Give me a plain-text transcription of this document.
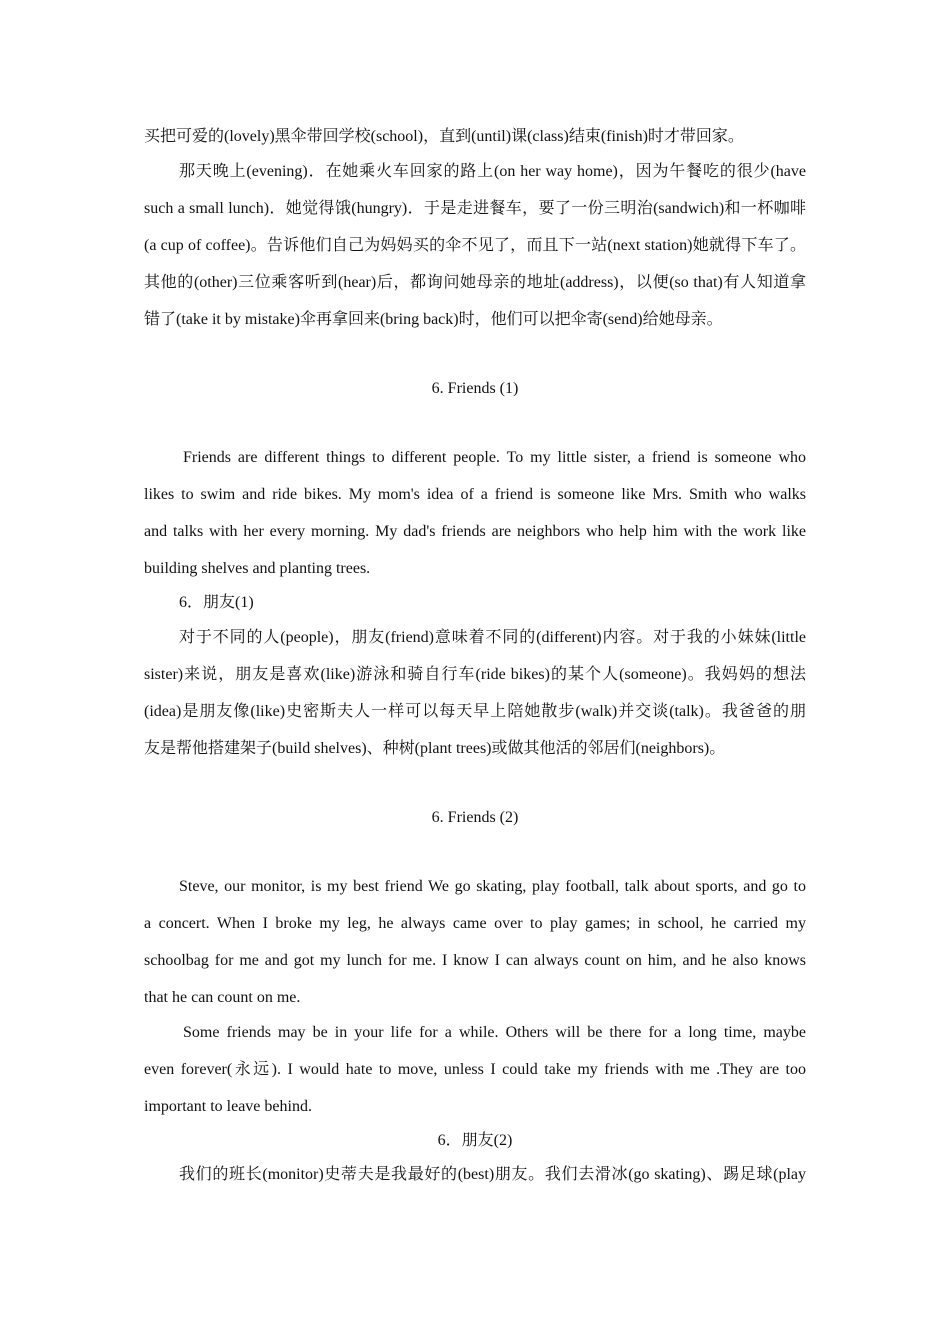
买把可爱的(lovely)黑伞带回学校(school)，直到(until)课(class)结束(finish)时才带回家。
那天晚上(evening)．在她乘火车回家的路上(on her way home)，因为午餐吃的很少(have
such a small lunch)．她觉得饿(hungry)．于是走进餐车，要了一份三明治(sandwich)和一杯咖啡
(a cup of coffee)。告诉他们自己为妈妈买的伞不见了，而且下一站(next station)她就得下车了。
其他的(other)三位乘客听到(hear)后，都询问她母亲的地址(address)，以便(so that)有人知道拿
错了(take it by mistake)伞再拿回来(bring back)时，他们可以把伞寄(send)给她母亲。
6. Friends (1)
Friends are different things to different people. To my little sister, a friend is someone who
likes to swim and ride bikes. My mom's idea of a friend is someone like Mrs. Smith who walks
and talks with her every morning. My dad's friends are neighbors who help him with the work like
building shelves and planting trees.
6．朋友(1)
对于不同的人(people)，朋友(friend)意味着不同的(different)内容。对于我的小妹妹(little
sister)来说，朋友是喜欢(like)游泳和骑自行车(ride bikes)的某个人(someone)。我妈妈的想法
(idea)是朋友像(like)史密斯夫人一样可以每天早上陪她散步(walk)并交谈(talk)。我爸爸的朋
友是帮他搭建架子(build shelves)、种树(plant trees)或做其他活的邻居们(neighbors)。
6. Friends (2)
Steve, our monitor, is my best friend We go skating, play football, talk about sports, and go to
a concert. When I broke my leg, he always came over to play games; in school, he carried my
schoolbag for me and got my lunch for me. I know I can always count on him, and he also knows
that he can count on me.
Some friends may be in your life for a while. Others will be there for a long time, maybe
even forever(永远). I would hate to move, unless I could take my friends with me .They are too
important to leave behind.
6．朋友(2)
我们的班长(monitor)史蒂夫是我最好的(best)朋友。我们去滑冰(go skating)、踢足球(play
